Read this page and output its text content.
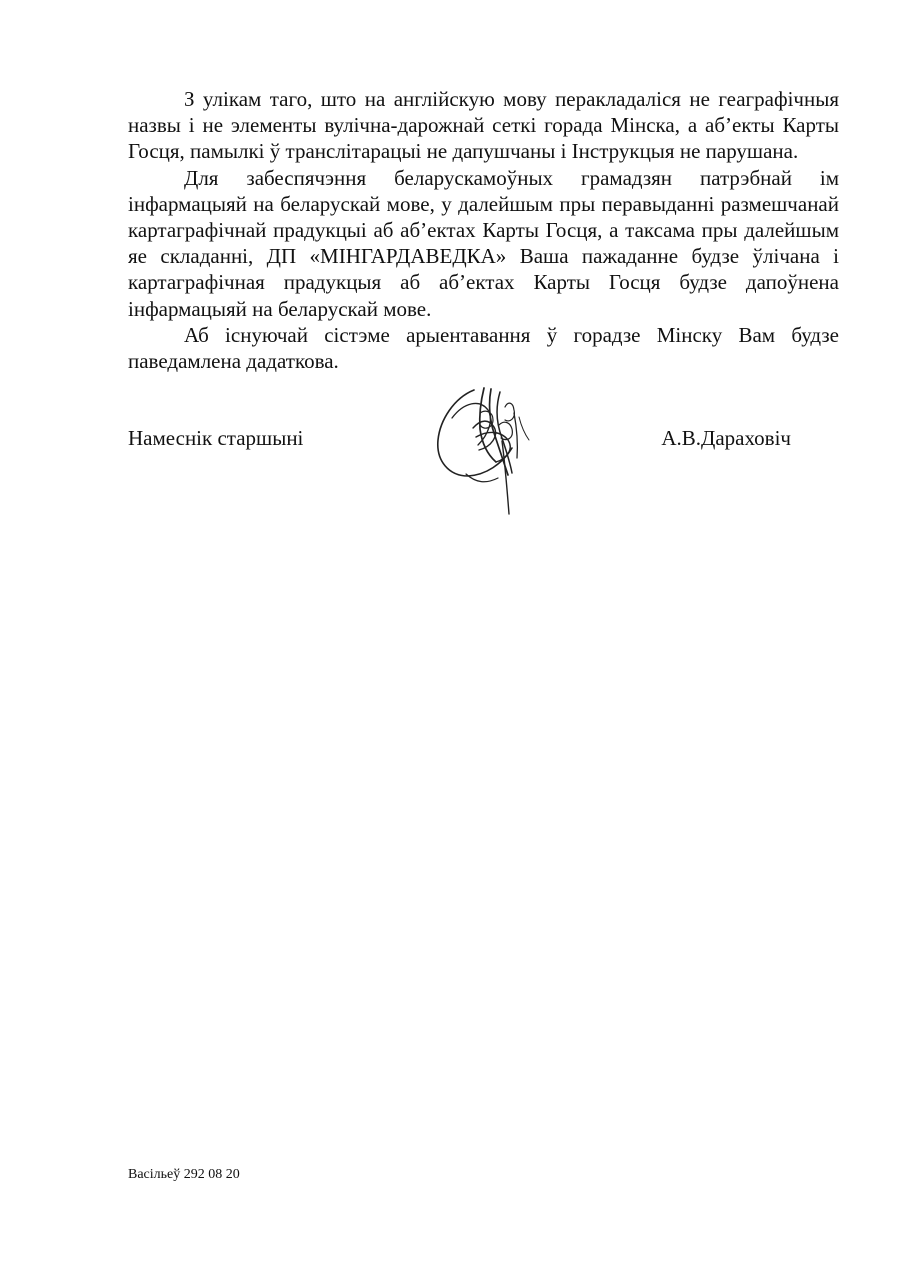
З улікам таго, што на англійскую мову перакладаліся не геаграфічныя назвы і не элементы вулічна-дарожнай сеткі горада Мінска, а аб’екты Карты Госця, памылкі ў транслітарацыі не дапушчаны і Інструкцыя не парушана.

Для забеспячэння беларускамоўных грамадзян патрэбнай ім інфармацыяй на беларускай мове, у далейшым пры перавыданні размешчанай картаграфічнай прадукцыі аб аб’ектах Карты Госця, а таксама пры далейшым яе складанні, ДП «МІНГАРДАВЕДКА» Ваша пажаданне будзе ўлічана і картаграфічная прадукцыя аб аб’ектах Карты Госця будзе дапоўнена інфармацыяй на беларускай мове.

Аб існуючай сістэме арыентавання ў горадзе Мінску Вам будзе паведамлена дадаткова.

Намеснік старшыні	А.В.Дараховіч
Васільеў 292 08 20
